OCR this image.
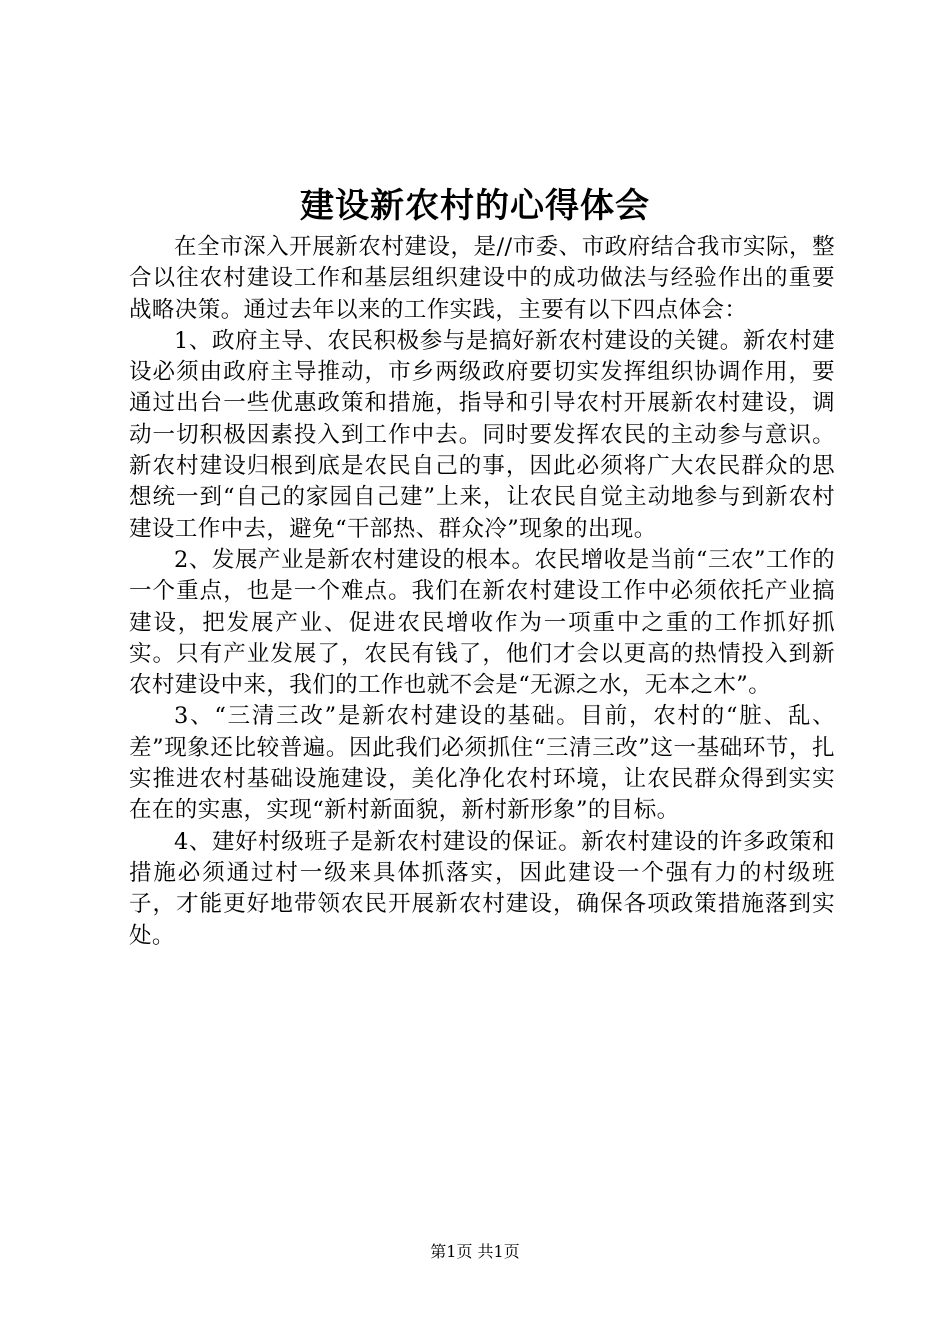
建设新农村的心得体会

在全市深入开展新农村建设，是//市委、市政府结合我市实际，整合以往农村建设工作和基层组织建设中的成功做法与经验作出的重要战略决策。通过去年以来的工作实践，主要有以下四点体会：

1、政府主导、农民积极参与是搞好新农村建设的关键。新农村建设必须由政府主导推动，市乡两级政府要切实发挥组织协调作用，要通过出台一些优惠政策和措施，指导和引导农村开展新农村建设，调动一切积极因素投入到工作中去。同时要发挥农民的主动参与意识。新农村建设归根到底是农民自己的事，因此必须将广大农民群众的思想统一到“自己的家园自己建”上来，让农民自觉主动地参与到新农村建设工作中去，避免“干部热、群众冷”现象的出现。

2、发展产业是新农村建设的根本。农民增收是当前“三农”工作的一个重点，也是一个难点。我们在新农村建设工作中必须依托产业搞建设，把发展产业、促进农民增收作为一项重中之重的工作抓好抓实。只有产业发展了，农民有钱了，他们才会以更高的热情投入到新农村建设中来，我们的工作也就不会是“无源之水，无本之木”。

3、“三清三改”是新农村建设的基础。目前，农村的“脏、乱、差”现象还比较普遍。因此我们必须抓住“三清三改”这一基础环节，扎实推进农村基础设施建设，美化净化农村环境，让农民群众得到实实在在的实惠，实现“新村新面貌，新村新形象”的目标。

4、建好村级班子是新农村建设的保证。新农村建设的许多政策和措施必须通过村一级来具体抓落实，因此建设一个强有力的村级班子，才能更好地带领农民开展新农村建设，确保各项政策措施落到实处。

第1页 共1页
